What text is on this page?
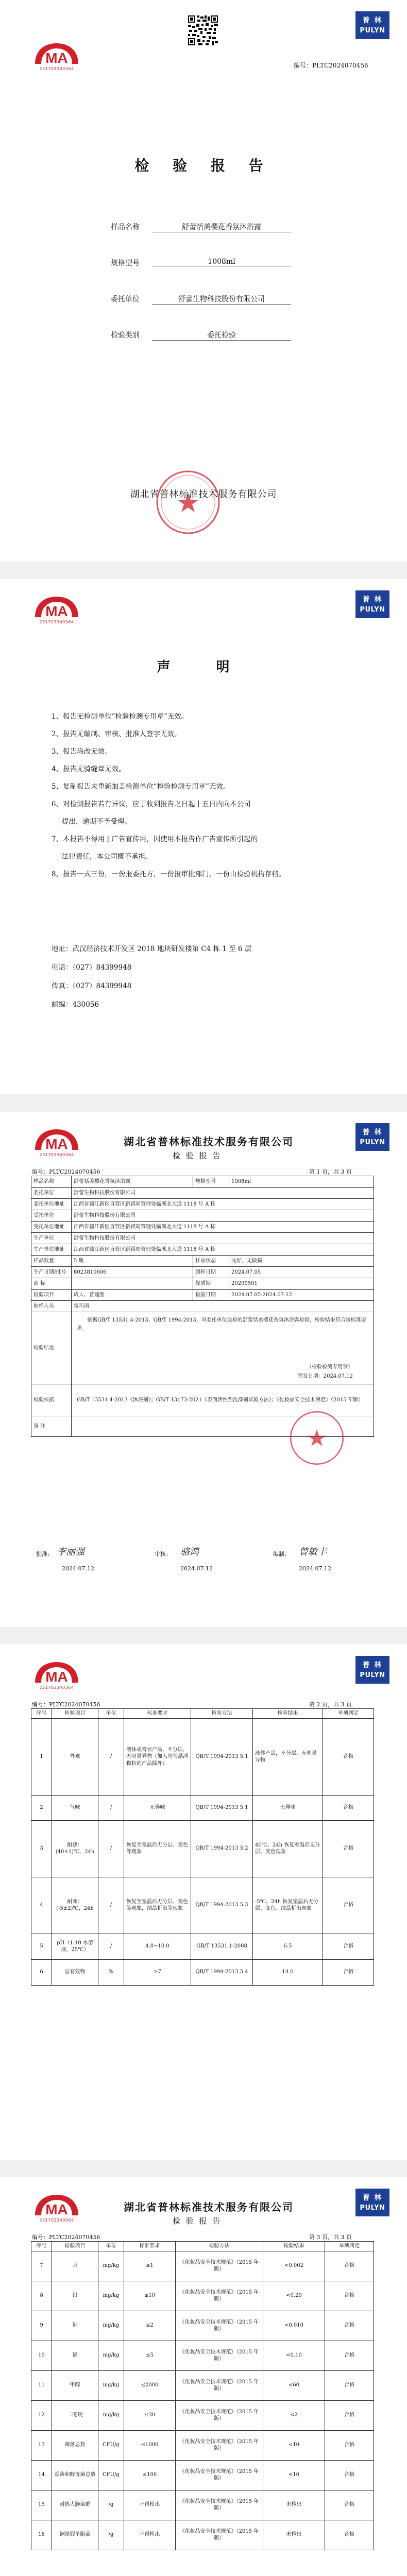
MA
231703340364
普 林
PULYN
编号：PLTC2024070456
检 验 报 告
样品名称	舒蕾恬美樱花香氛沐浴露
规格型号	1008ml
委托单位	舒蕾生物科技股份有限公司
检验类别	委托检验
湖北省普林标准技术服务有限公司
MA
231703340364
普 林
PULYN
声 明
1、报告无检测单位“检验检测专用章”无效。
2、报告无编制、审核、批准人签字无效。
3、报告涂改无效。
4、报告无骑缝章无效。
5、复制报告未重新加盖检测单位“检验检测专用章”无效。
6、对检测报告若有异议，应于收到报告之日起十五日内向本公司
提出，逾期不予受理。
7、本报告不得用于广告宣传用，因使用本报告作广告宣传所引起的
法律责任，本公司概不承担。
8、报告一式三份，一份报委托方，一份报审批部门，一份由检验机构存档。
地址：武汉经济技术开发区 2018 地块研发楼第 C4 栋 1 至 6 层
电话：（027）84399948
传真：（027）84399948
邮编：430056
MA
231703340364
湖北省普林标准技术服务有限公司
检 验 报 告
普 林
PULYN
编号：PLTC2024070456	第 1 页，共 3 页
样品名称	舒蕾恬美樱花香氛沐浴露	规格型号	1008ml
委托单位	舒蕾生物科技股份有限公司		
委托单位地址	江西省赣江新区直管区新祺周管理处临溪北大道 1118 号 A 栋		
受托单位	舒蕾生物科技股份有限公司		
受托单位地址	江西省赣江新区直管区新祺周管理处临溪北大道 1118 号 A 栋		
生产单位	舒蕾生物科技股份有限公司		
生产单位地址	江西省赣江新区直管区新祺周管理处临溪北大道 1118 号 A 栋		
样品数量	5 瓶	样品状态	完好，无破损
生产日期/批号	8023810606	到样日期	2024.07.05
商 标		保质期	20290501
检验项目	成人、普通型	检验日期	2024.07.05-2024.07.12
抽样人员	雷巧南		
检验结论	依据GB/T 13531.4-2013、QB/T 1994-2013，对委托单位送检的舒蕾恬美樱花香氛沐浴露检验，检验结果符合该标准要求。
（检验检测专用章）
签发日期：2024.07.12		

检验依据	GB/T 13531.4-2013《沐浴剂》；GB/T 13173-2021《表面活性剂洗涤剂试验方法》；《化妆品安全技术规范》（2015 年版）		
备 注			
批准： 李丽强	审核： 骆鸿	编制： 曾敏丰
2024.07.12	2024.07.12	2024.07.12
MA
231703340364
普 林
PULYN
编号：PLTC2024070456	第 2 页，共 3 页
序号	检验项目	单位	标准要求	检验方法	检验结果	单项判定
1	外观	/	液体或膏状产品，不分层，无明显异物（加入均匀悬浮颗粒的产品除外）	QB/T 1994-2013 5.1	液体产品，不分层，无明显异物	合格
2	气味	/	无异味	QB/T 1994-2013 5.1	无异味	合格
3	耐热：(40±1)℃，24h	/	恢复至室温后无分层、变色等现象	QB/T 1994-2013 5.2	40℃、24h 恢复室温后无分层、变色现象	合格
4	耐寒：(-5±2)℃，24h	/	恢复至室温后无分层、变色等现象，结晶析出等现象	QB/T 1994-2013 5.3	-5℃、24h 恢复室温后无分层、变色、结晶析出现象	合格
5	pH（1:10 水溶液，25℃）	/	4.0~10.0	GB/T 13531.1-2008	6.5	合格
6	总有效物	%	≥7	QB/T 1994-2013 5.4	14.0	合格
MA
231703340364
湖北省普林标准技术服务有限公司
检 验 报 告
普 林
PULYN
编号：PLTC2024070456	第 3 页，共 3 页
序号	检验项目	单位	标准要求	检验方法	检验结果	单项判定
7	汞	mg/kg	≤1	《化妆品安全技术规范》（2015 年版）	<0.002	合格
8	铅	mg/kg	≤10	《化妆品安全技术规范》（2015 年版）	<0.20	合格
9	砷	mg/kg	≤2	《化妆品安全技术规范》（2015 年版）	<0.010	合格
10	镉	mg/kg	≤5	《化妆品安全技术规范》（2015 年版）	<0.10	合格
11	甲醇	mg/kg	≤2000	《化妆品安全技术规范》（2015 年版）	<60	合格
12	二噁烷	mg/kg	≤30	《化妆品安全技术规范》（2015 年版）	<2	合格
13	菌落总数	CFU/g	≤1000	《化妆品安全技术规范》（2015 年版）	<10	合格
14	霉菌和酵母菌总数	CFU/g	≤100	《化妆品安全技术规范》（2015 年版）	<10	合格
15	耐热大肠菌群	/g	不得检出	《化妆品安全技术规范》（2015 年版）	未检出	合格
16	铜绿假单胞菌	/g	不得检出	《化妆品安全技术规范》（2015 年版）	未检出	合格
